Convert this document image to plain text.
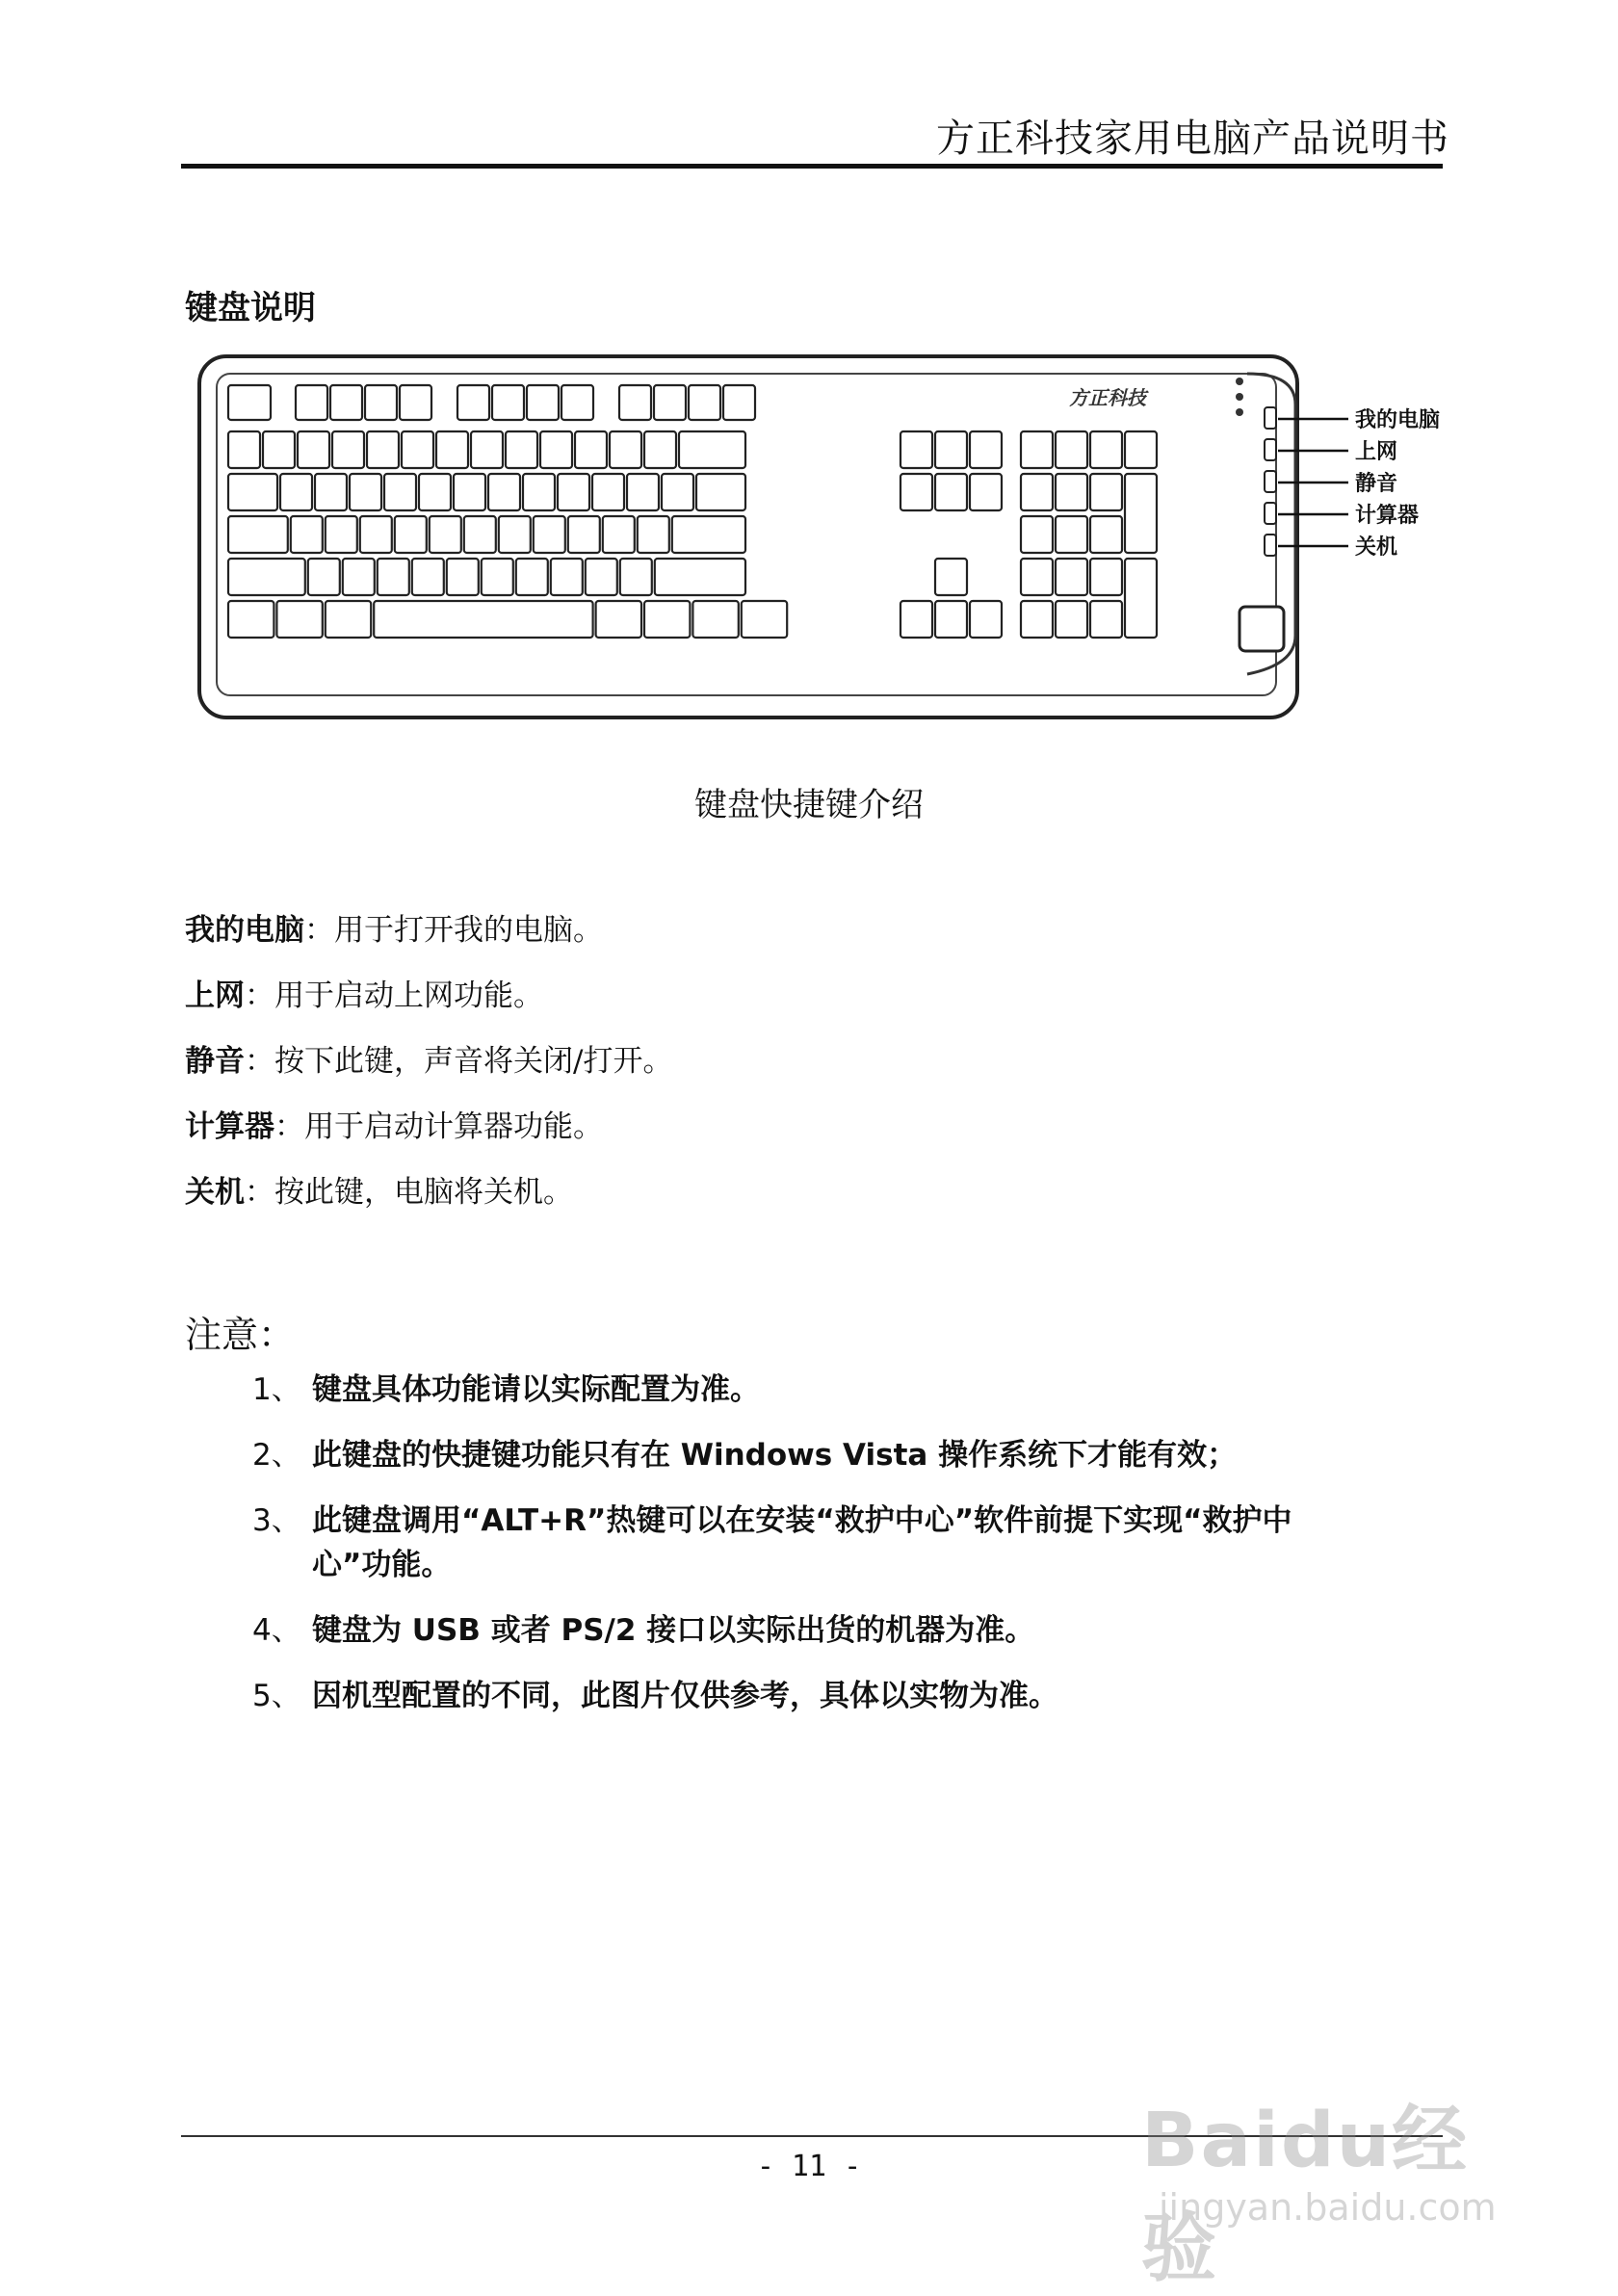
方正科技家用电脑产品说明书
键盘说明
方正科技
我的电脑
上网
静音
计算器
关机
键盘快捷键介绍
我的电脑：用于打开我的电脑。
上网：用于启动上网功能。
静音：按下此键，声音将关闭/打开。
计算器：用于启动计算器功能。
关机：按此键，电脑将关机。
注意：
1、 键盘具体功能请以实际配置为准。
2、 此键盘的快捷键功能只有在 Windows Vista 操作系统下才能有效；
3、 此键盘调用“ALT+R”热键可以在安装“救护中心”软件前提下实现“救护中
心”功能。
4、 键盘为 USB 或者 PS/2 接口以实际出货的机器为准。
5、 因机型配置的不同，此图片仅供参考，具体以实物为准。
- 11 -	Baidu经验
jingyan.baidu.com
